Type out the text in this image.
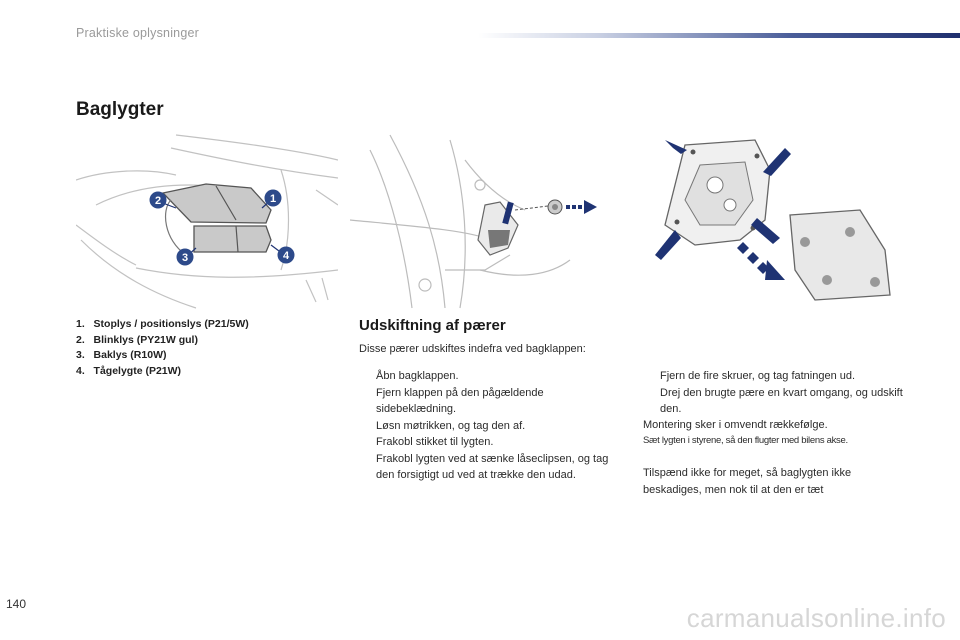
Praktiske oplysninger
Baglygter
2	1
3	4
1. Stoplys / positionslys (P21/5W)
2. Blinklys (PY21W gul)
3. Baklys (R10W)
4. Tågelygte (P21W)
Udskiftning af pærer
Disse pærer udskiftes indefra ved bagklappen:
Åbn bagklappen.
Fjern klappen på den pågældende sidebeklædning.
Løsn møtrikken, og tag den af.
Frakobl stikket til lygten.
Frakobl lygten ved at sænke låseclipsen, og tag den forsigtigt ud ved at trække den udad.
Fjern de fire skruer, og tag fatningen ud.
Drej den brugte pære en kvart omgang, og udskift den.
Montering sker i omvendt rækkefølge.
Sæt lygten i styrene, så den flugter med bilens akse.
Tilspænd ikke for meget, så baglygten ikke beskadiges, men nok til at den er tæt
140	carmanualsonline.info
